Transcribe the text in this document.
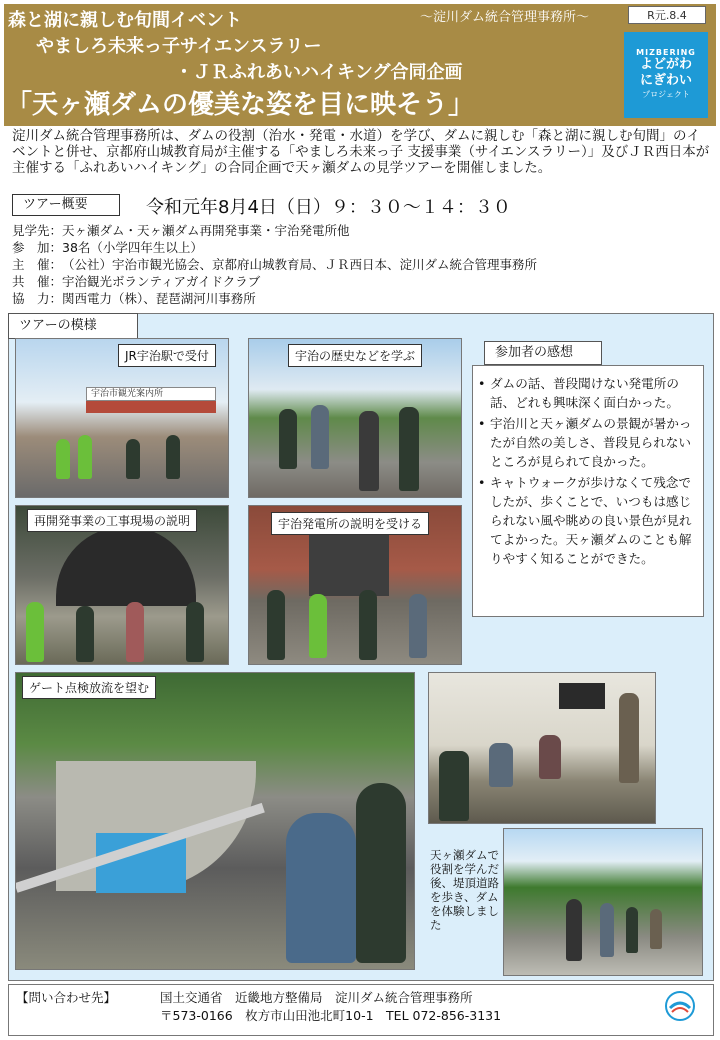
森と湖に親しむ旬間イベント
やましろ未来っ子サイエンスラリー
・ＪＲふれあいハイキング合同企画
「天ヶ瀬ダムの優美な姿を目に映そう」
～淀川ダム統合管理事務所～	R元.8.4
MIZBERING
よどがわ
にぎわい
プロジェクト
淀川ダム統合管理事務所は、ダムの役割（治水・発電・水道）を学び、ダムに親しむ「森と湖に親しむ旬間」のイベントと併せ、京都府山城教育局が主催する「やましろ未来っ子 支援事業（サイエンスラリー）」及びＪＲ西日本が主催する「ふれあいハイキング」の合同企画で天ヶ瀬ダムの見学ツアーを開催しました。
ツアー概要	令和元年8月4日（日）９：３０～１４：３０
見学先： 天ヶ瀬ダム・天ヶ瀬ダム再開発事業・宇治発電所他
参　加： 38名（小学四年生以上）
主　催： （公社）宇治市観光協会、京都府山城教育局、ＪＲ西日本、淀川ダム統合管理事務所
共　催： 宇治観光ボランティアガイドクラブ
協　力： 関西電力（株）、琵琶湖河川事務所
ツアーの模様
宇治市観光案内所
JR宇治駅で受付	宇治の歴史などを学ぶ
再開発事業の工事現場の説明	宇治発電所の説明を受ける
ゲート点検放流を望む
天ヶ瀬ダムで役割を学んだ後、堤頂道路を歩き、ダムを体験しました
参加者の感想
• ダムの話、普段聞けない発電所の話、どれも興味深く面白かった。
• 宇治川と天ヶ瀬ダムの景観が暑かったが自然の美しさ、普段見られないところが見られて良かった。
• キャトウォークが歩けなくて残念でしたが、歩くことで、いつもは感じられない風や眺めの良い景色が見れてよかった。天ヶ瀬ダムのことも解りやすく知ることができた。
【問い合わせ先】	国土交通省　近畿地方整備局　淀川ダム統合管理事務所
〒573-0166　枚方市山田池北町10-1　TEL 072-856-3131
